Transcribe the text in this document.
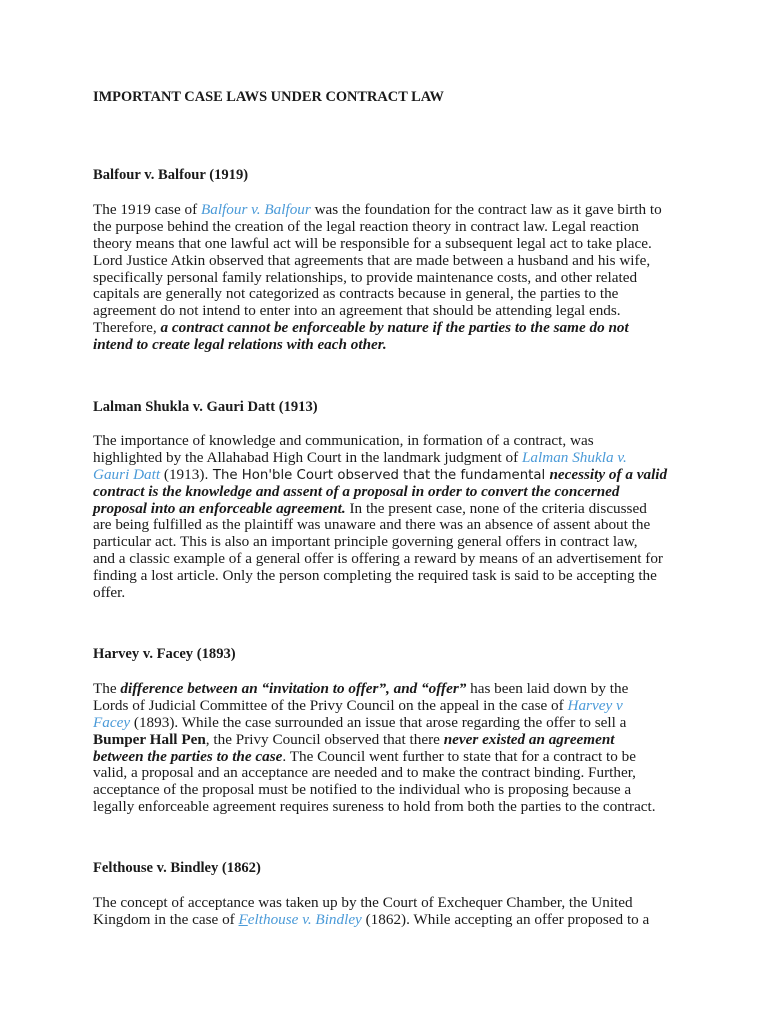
IMPORTANT CASE LAWS UNDER CONTRACT LAW
Balfour v. Balfour (1919)
The 1919 case of Balfour v. Balfour was the foundation for the contract law as it gave birth to
the purpose behind the creation of the legal reaction theory in contract law. Legal reaction
theory means that one lawful act will be responsible for a subsequent legal act to take place.
Lord Justice Atkin observed that agreements that are made between a husband and his wife,
specifically personal family relationships, to provide maintenance costs, and other related
capitals are generally not categorized as contracts because in general, the parties to the
agreement do not intend to enter into an agreement that should be attending legal ends.
Therefore, a contract cannot be enforceable by nature if the parties to the same do not
intend to create legal relations with each other.
Lalman Shukla v. Gauri Datt (1913)
The importance of knowledge and communication, in formation of a contract, was
highlighted by the Allahabad High Court in the landmark judgment of Lalman Shukla v.
Gauri Datt (1913). The Hon'ble Court observed that the fundamental necessity of a valid
contract is the knowledge and assent of a proposal in order to convert the concerned
proposal into an enforceable agreement. In the present case, none of the criteria discussed
are being fulfilled as the plaintiff was unaware and there was an absence of assent about the
particular act. This is also an important principle governing general offers in contract law,
and a classic example of a general offer is offering a reward by means of an advertisement for
finding a lost article. Only the person completing the required task is said to be accepting the
offer.
Harvey v. Facey (1893)
The difference between an “invitation to offer”, and “offer” has been laid down by the
Lords of Judicial Committee of the Privy Council on the appeal in the case of Harvey v
Facey (1893). While the case surrounded an issue that arose regarding the offer to sell a
Bumper Hall Pen, the Privy Council observed that there never existed an agreement
between the parties to the case. The Council went further to state that for a contract to be
valid, a proposal and an acceptance are needed and to make the contract binding. Further,
acceptance of the proposal must be notified to the individual who is proposing because a
legally enforceable agreement requires sureness to hold from both the parties to the contract.
Felthouse v. Bindley (1862)
The concept of acceptance was taken up by the Court of Exchequer Chamber, the United
Kingdom in the case of Felthouse v. Bindley (1862). While accepting an offer proposed to a
